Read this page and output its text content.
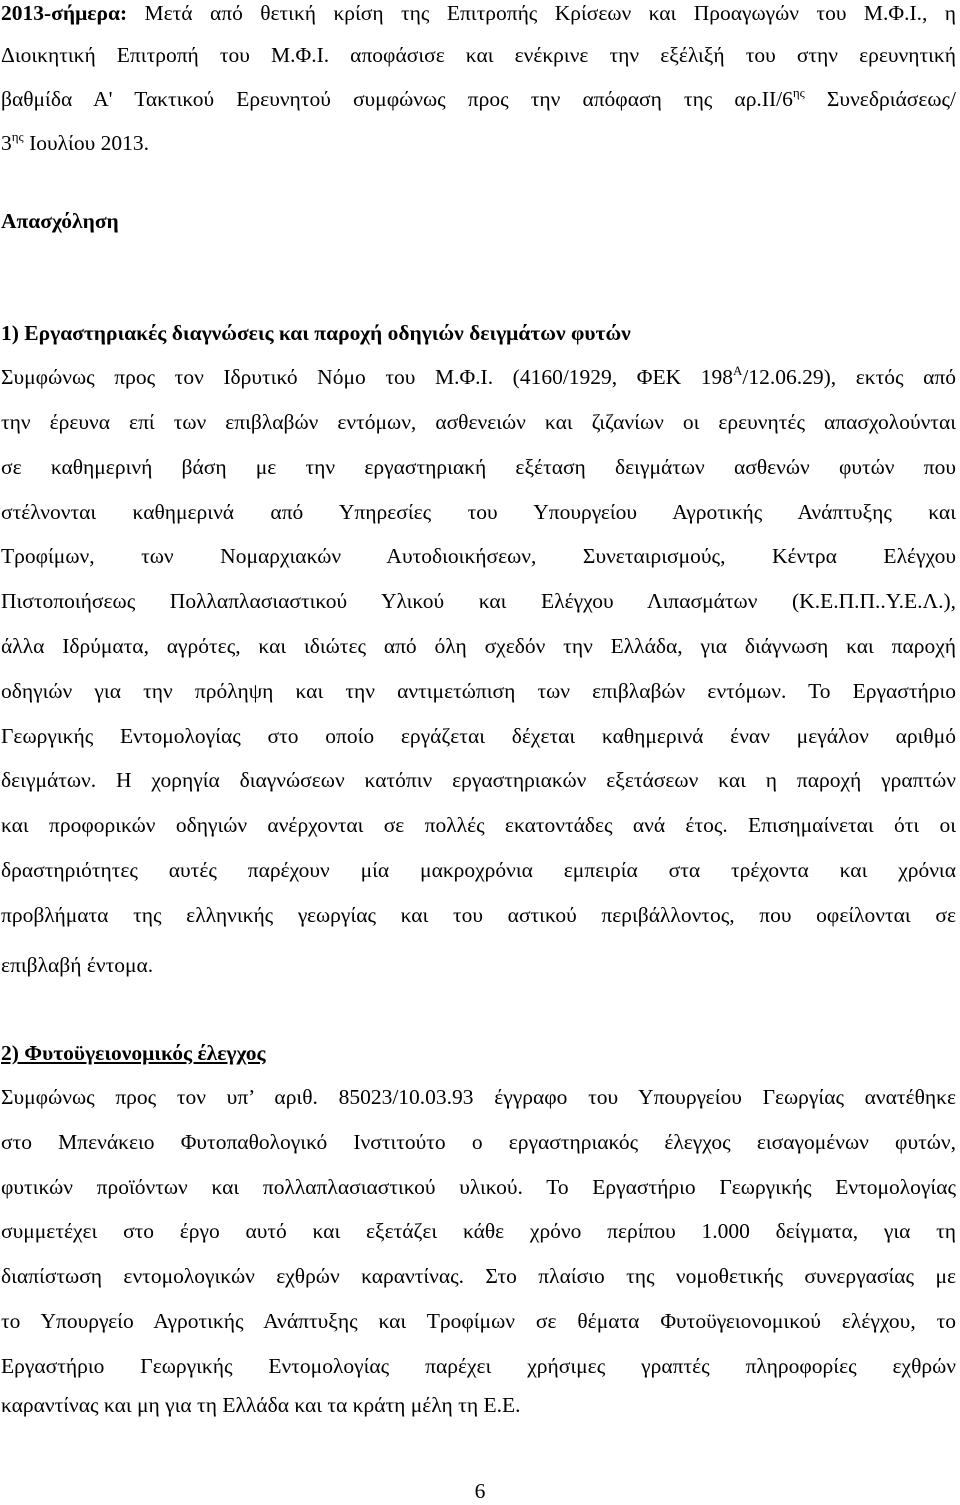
2013-σήμερα: Μετά από θετική κρίση της Επιτροπής Κρίσεων και Προαγωγών του Μ.Φ.Ι., η
Διοικητική Επιτροπή του Μ.Φ.Ι. αποφάσισε και ενέκρινε την εξέλιξή του στην ερευνητική
βαθμίδα Α' Τακτικού Ερευνητού συμφώνως προς την απόφαση της $\alpha\rho.II/6^{\eta\varsigma}$ Συνεδριάσεως/
$3^{\eta\varsigma}$ Ιουλίου 2013.
Απασχόληση
1) Εργαστηριακές διαγνώσεις και παροχή οδηγιών δειγμάτων φυτών
Συμφώνως προς τον Ιδρυτικό Νόμο του Μ.Φ.Ι. (4160/1929, ΦΕΚ $198^A/12.06.29$), εκτός από
την έρευνα επί των επιβλαβών εντόμων, ασθενειών και ζιζανίων οι ερευνητές απασχολούνται
σε καθημερινή βάση με την εργαστηριακή εξέταση δειγμάτων ασθενών φυτών που
στέλνονται καθημερινά από Υπηρεσίες του Υπουργείου Αγροτικής Ανάπτυξης και
Τροφίμων, των Νομαρχιακών Αυτοδιοικήσεων, Συνεταιρισμούς, Κέντρα Ελέγχου
Πιστοποιήσεως Πολλαπλασιαστικού Υλικού και Ελέγχου Λιπασμάτων (Κ.Ε.Π.Π..Υ.Ε.Λ.),
άλλα Ιδρύματα, αγρότες, και ιδιώτες από όλη σχεδόν την Ελλάδα, για διάγνωση και παροχή
οδηγιών για την πρόληψη και την αντιμετώπιση των επιβλαβών εντόμων. Το Εργαστήριο
Γεωργικής Εντομολογίας στο οποίο εργάζεται δέχεται καθημερινά έναν μεγάλον αριθμό
δειγμάτων. Η χορηγία διαγνώσεων κατόπιν εργαστηριακών εξετάσεων και η παροχή γραπτών
και προφορικών οδηγιών ανέρχονται σε πολλές εκατοντάδες ανά έτος. Επισημαίνεται ότι οι
δραστηριότητες αυτές παρέχουν μία μακροχρόνια εμπειρία στα τρέχοντα και χρόνια
προβλήματα της ελληνικής γεωργίας και του αστικού περιβάλλοντος, που οφείλονται σε
επιβλαβή έντομα.
2) Φυτοϋγειονομικός έλεγχος
Συμφώνως προς τον υπ’ αριθ. 85023/10.03.93 έγγραφο του Υπουργείου Γεωργίας ανατέθηκε
στο Μπενάκειο Φυτοπαθολογικό Ινστιτούτο ο εργαστηριακός έλεγχος εισαγομένων φυτών,
φυτικών προϊόντων και πολλαπλασιαστικού υλικού. Το Εργαστήριο Γεωργικής Εντομολογίας
συμμετέχει στο έργο αυτό και εξετάζει κάθε χρόνο περίπου 1.000 δείγματα, για τη
διαπίστωση εντομολογικών εχθρών καραντίνας. Στο πλαίσιο της νομοθετικής συνεργασίας με
το Υπουργείο Αγροτικής Ανάπτυξης και Τροφίμων σε θέματα Φυτοϋγειονομικού ελέγχου, το
Εργαστήριο Γεωργικής Εντομολογίας παρέχει χρήσιμες γραπτές πληροφορίες εχθρών
καραντίνας και μη για τη Ελλάδα και τα κράτη μέλη τη Ε.Ε.
6
